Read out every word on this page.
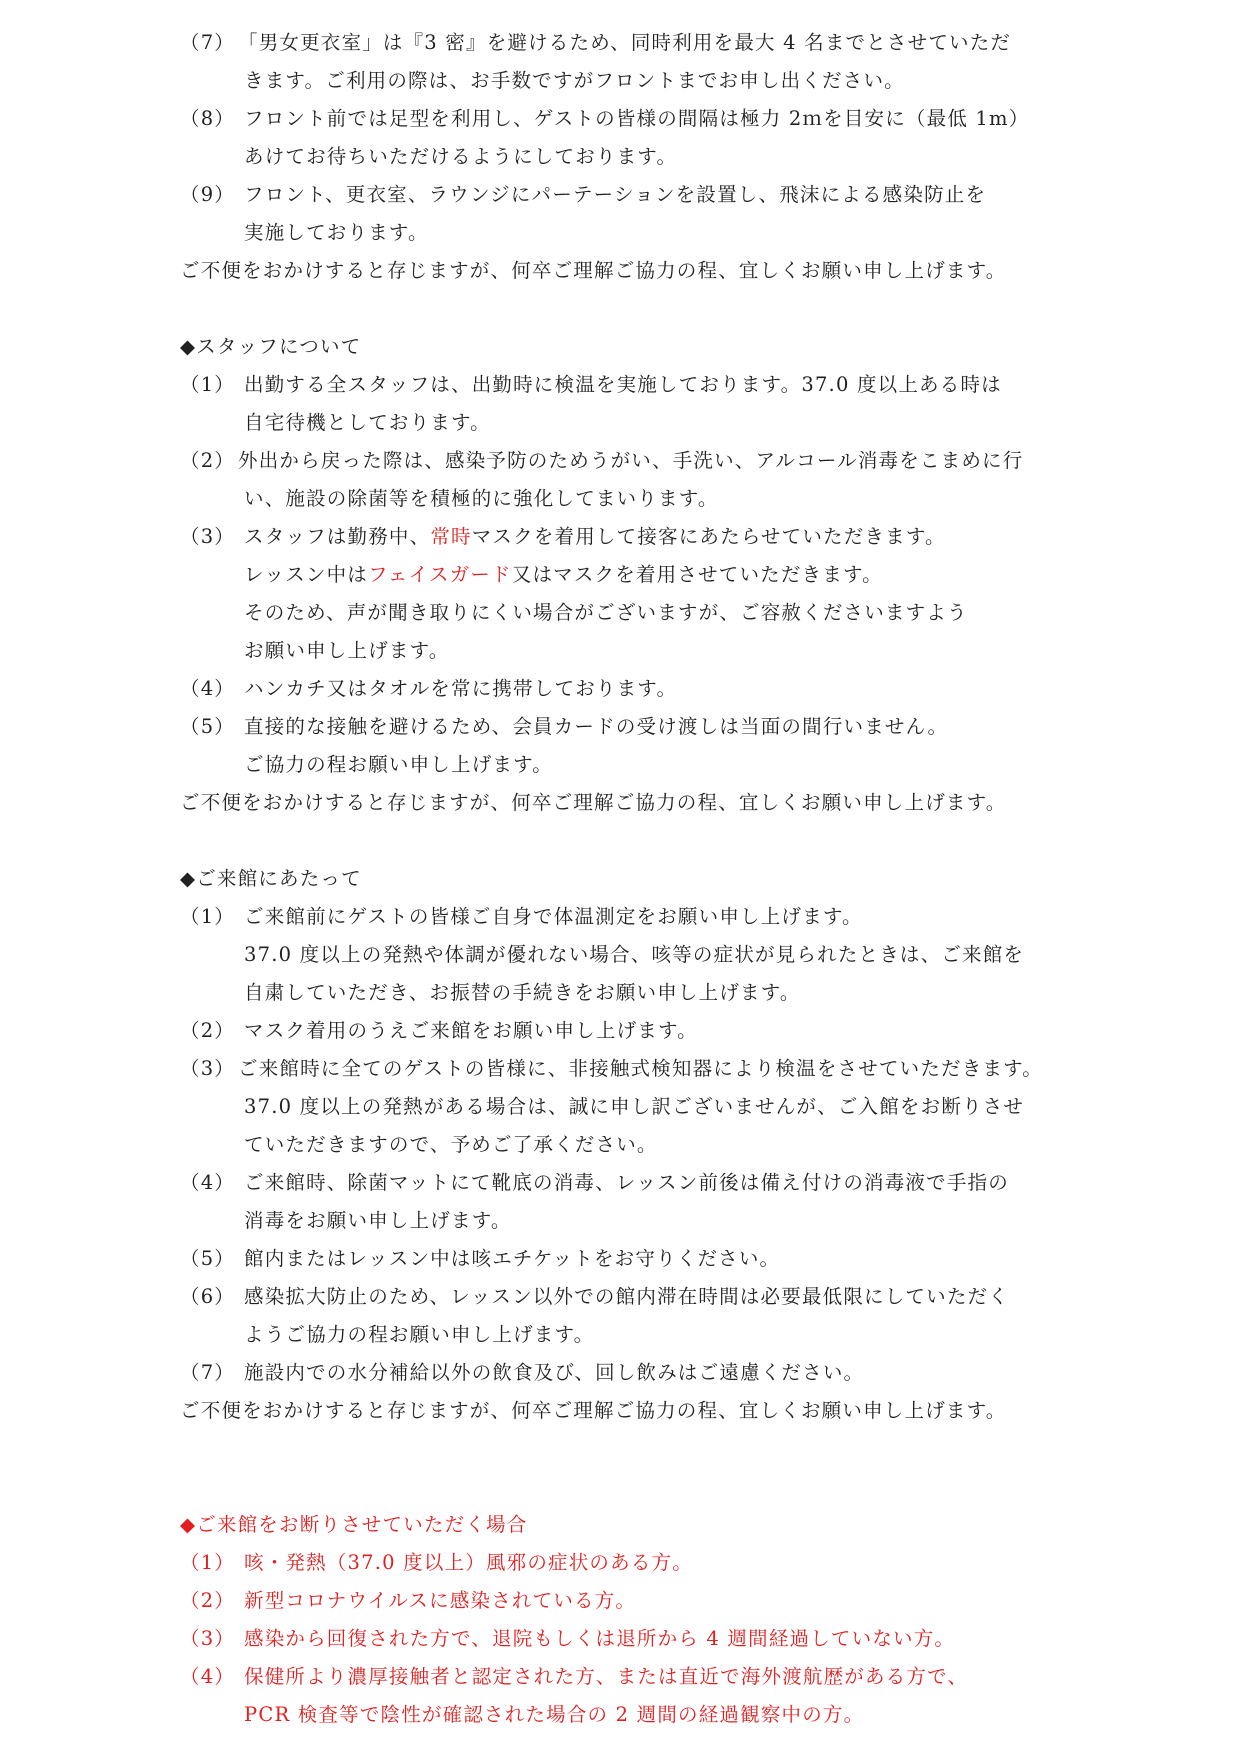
（7） 「男女更衣室」は『3 密』を避けるため、同時利用を最大 4 名までとさせていただ
きます。ご利用の際は、お手数ですがフロントまでお申し出ください。
（8） フロント前では足型を利用し、ゲストの皆様の間隔は極力 2ｍを目安に（最低 1m）
あけてお待ちいただけるようにしております。
（9） フロント、更衣室、ラウンジにパーテーションを設置し、飛沫による感染防止を
実施しております。
ご不便をおかけすると存じますが、何卒ご理解ご協力の程、宜しくお願い申し上げます。
◆スタッフについて
（1） 出勤する全スタッフは、出勤時に検温を実施しております。37.0 度以上ある時は
自宅待機としております。
（2） 外出から戻った際は、感染予防のためうがい、手洗い、アルコール消毒をこまめに行
い、施設の除菌等を積極的に強化してまいります。
（3） スタッフは勤務中、常時マスクを着用して接客にあたらせていただきます。
レッスン中はフェイスガード又はマスクを着用させていただきます。
そのため、声が聞き取りにくい場合がございますが、ご容赦くださいますよう
お願い申し上げます。
（4） ハンカチ又はタオルを常に携帯しております。
（5） 直接的な接触を避けるため、会員カードの受け渡しは当面の間行いません。
ご協力の程お願い申し上げます。
ご不便をおかけすると存じますが、何卒ご理解ご協力の程、宜しくお願い申し上げます。
◆ご来館にあたって
（1） ご来館前にゲストの皆様ご自身で体温測定をお願い申し上げます。
37.0 度以上の発熱や体調が優れない場合、咳等の症状が見られたときは、ご来館を
自粛していただき、お振替の手続きをお願い申し上げます。
（2） マスク着用のうえご来館をお願い申し上げます。
（3） ご来館時に全てのゲストの皆様に、非接触式検知器により検温をさせていただきます。
37.0 度以上の発熱がある場合は、誠に申し訳ございませんが、ご入館をお断りさせ
ていただきますので、予めご了承ください。
（4） ご来館時、除菌マットにて靴底の消毒、レッスン前後は備え付けの消毒液で手指の
消毒をお願い申し上げます。
（5） 館内またはレッスン中は咳エチケットをお守りください。
（6） 感染拡大防止のため、レッスン以外での館内滞在時間は必要最低限にしていただく
ようご協力の程お願い申し上げます。
（7） 施設内での水分補給以外の飲食及び、回し飲みはご遠慮ください。
ご不便をおかけすると存じますが、何卒ご理解ご協力の程、宜しくお願い申し上げます。
◆ご来館をお断りさせていただく場合
（1） 咳・発熱（37.0 度以上）風邪の症状のある方。
（2） 新型コロナウイルスに感染されている方。
（3） 感染から回復された方で、退院もしくは退所から 4 週間経過していない方。
（4） 保健所より濃厚接触者と認定された方、または直近で海外渡航歴がある方で、
PCR 検査等で陰性が確認された場合の 2 週間の経過観察中の方。
